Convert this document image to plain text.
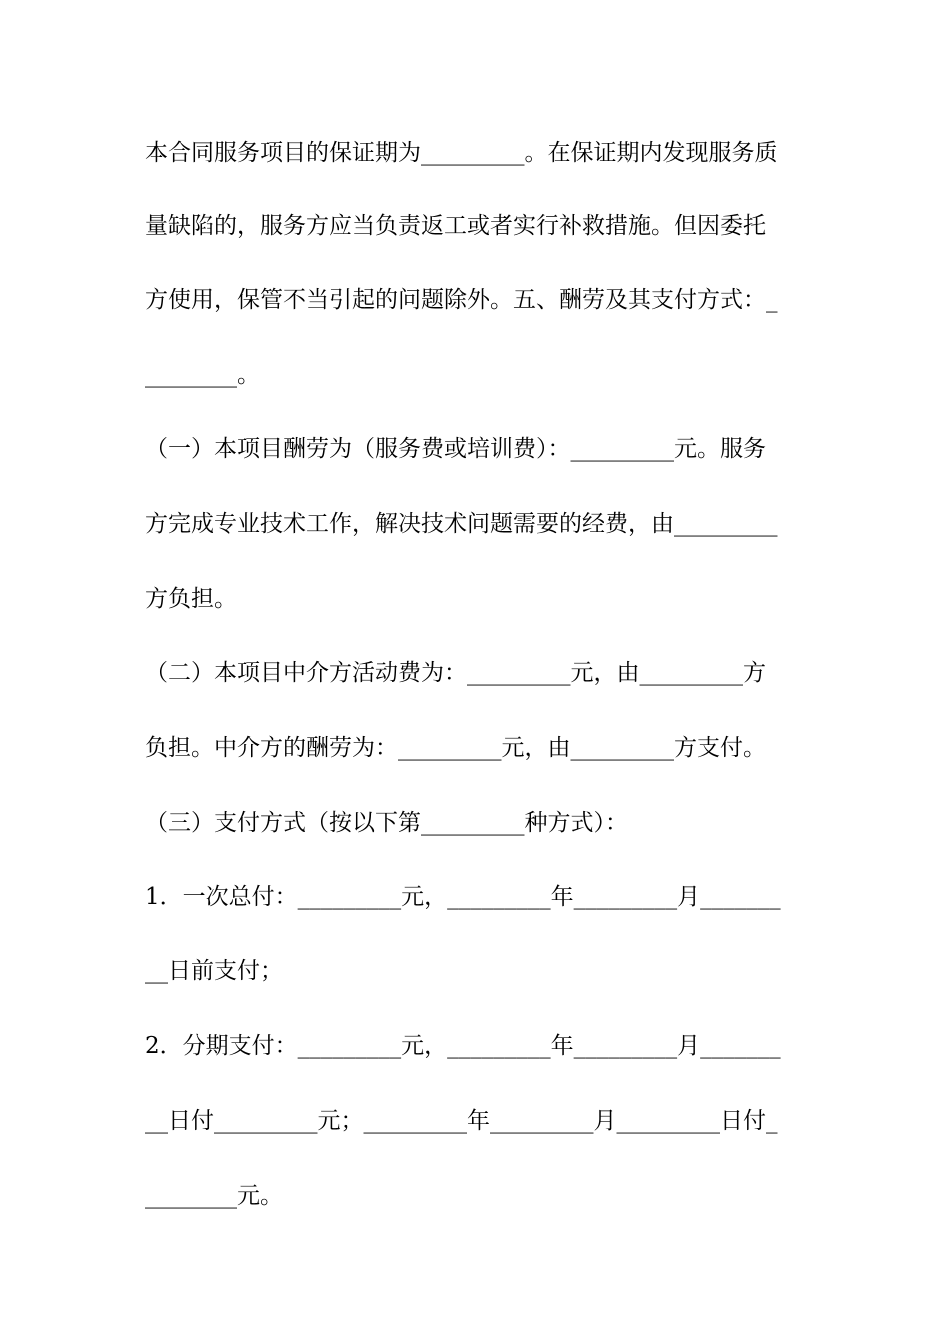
本合同服务项目的保证期为_________。在保证期内发现服务质
量缺陷的，服务方应当负责返工或者实行补救措施。但因委托
方使用，保管不当引起的问题除外。五、酬劳及其支付方式：_
________。
（一）本项目酬劳为（服务费或培训费）：_________元。服务
方完成专业技术工作，解决技术问题需要的经费，由_________
方负担。
（二）本项目中介方活动费为：_________元，由_________方
负担。中介方的酬劳为：_________元，由_________方支付。
（三）支付方式（按以下第_________种方式）：
1．一次总付：_________元，_________年_________月_______
__日前支付；
2．分期支付：_________元，_________年_________月_______
__日付_________元；_________年_________月_________日付_
________元。
